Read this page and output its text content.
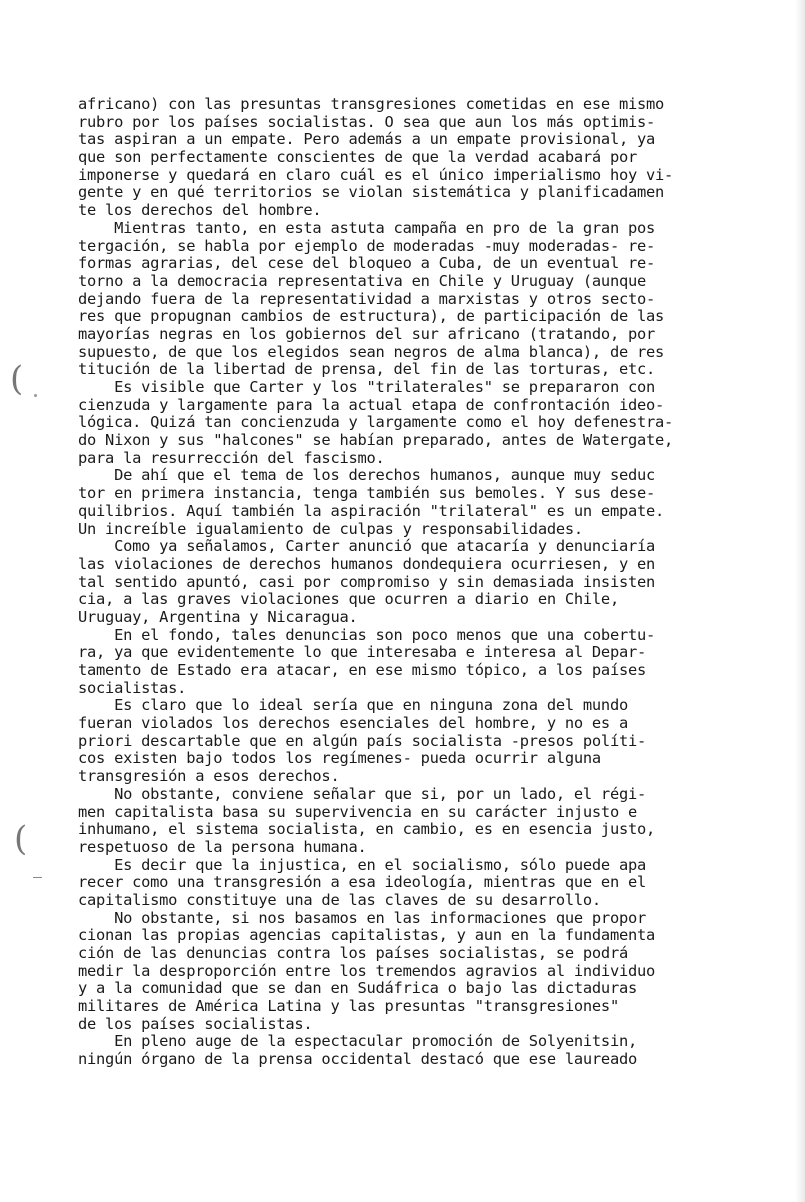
(
(
africano) con las presuntas transgresiones cometidas en ese mismo
rubro por los países socialistas. O sea que aun los más optimis-
tas aspiran a un empate. Pero además a un empate provisional, ya
que son perfectamente conscientes de que la verdad acabará por
imponerse y quedará en claro cuál es el único imperialismo hoy vi-
gente y en qué territorios se violan sistemática y planificadamen
te los derechos del hombre.
Mientras tanto, en esta astuta campaña en pro de la gran pos
tergación, se habla por ejemplo de moderadas -muy moderadas- re-
formas agrarias, del cese del bloqueo a Cuba, de un eventual re-
torno a la democracia representativa en Chile y Uruguay (aunque
dejando fuera de la representatividad a marxistas y otros secto-
res que propugnan cambios de estructura), de participación de las
mayorías negras en los gobiernos del sur africano (tratando, por
supuesto, de que los elegidos sean negros de alma blanca), de res
titución de la libertad de prensa, del fin de las torturas, etc.
Es visible que Carter y los "trilaterales" se prepararon con
cienzuda y largamente para la actual etapa de confrontación ideo-
lógica. Quizá tan concienzuda y largamente como el hoy defenestra-
do Nixon y sus "halcones" se habían preparado, antes de Watergate,
para la resurrección del fascismo.
De ahí que el tema de los derechos humanos, aunque muy seduc
tor en primera instancia, tenga también sus bemoles. Y sus dese-
quilibrios. Aquí también la aspiración "trilateral" es un empate.
Un increíble igualamiento de culpas y responsabilidades.
Como ya señalamos, Carter anunció que atacaría y denunciaría
las violaciones de derechos humanos dondequiera ocurriesen, y en
tal sentido apuntó, casi por compromiso y sin demasiada insisten
cia, a las graves violaciones que ocurren a diario en Chile,
Uruguay, Argentina y Nicaragua.
En el fondo, tales denuncias son poco menos que una cobertu-
ra, ya que evidentemente lo que interesaba e interesa al Depar-
tamento de Estado era atacar, en ese mismo tópico, a los países
socialistas.
Es claro que lo ideal sería que en ninguna zona del mundo
fueran violados los derechos esenciales del hombre, y no es a
priori descartable que en algún país socialista -presos políti-
cos existen bajo todos los regímenes- pueda ocurrir alguna
transgresión a esos derechos.
No obstante, conviene señalar que si, por un lado, el régi-
men capitalista basa su supervivencia en su carácter injusto e
inhumano, el sistema socialista, en cambio, es en esencia justo,
respetuoso de la persona humana.
Es decir que la injustica, en el socialismo, sólo puede apa
recer como una transgresión a esa ideología, mientras que en el
capitalismo constituye una de las claves de su desarrollo.
No obstante, si nos basamos en las informaciones que propor
cionan las propias agencias capitalistas, y aun en la fundamenta
ción de las denuncias contra los países socialistas, se podrá
medir la desproporción entre los tremendos agravios al individuo
y a la comunidad que se dan en Sudáfrica o bajo las dictaduras
militares de América Latina y las presuntas "transgresiones"
de los países socialistas.
En pleno auge de la espectacular promoción de Solyenitsin,
ningún órgano de la prensa occidental destacó que ese laureado
